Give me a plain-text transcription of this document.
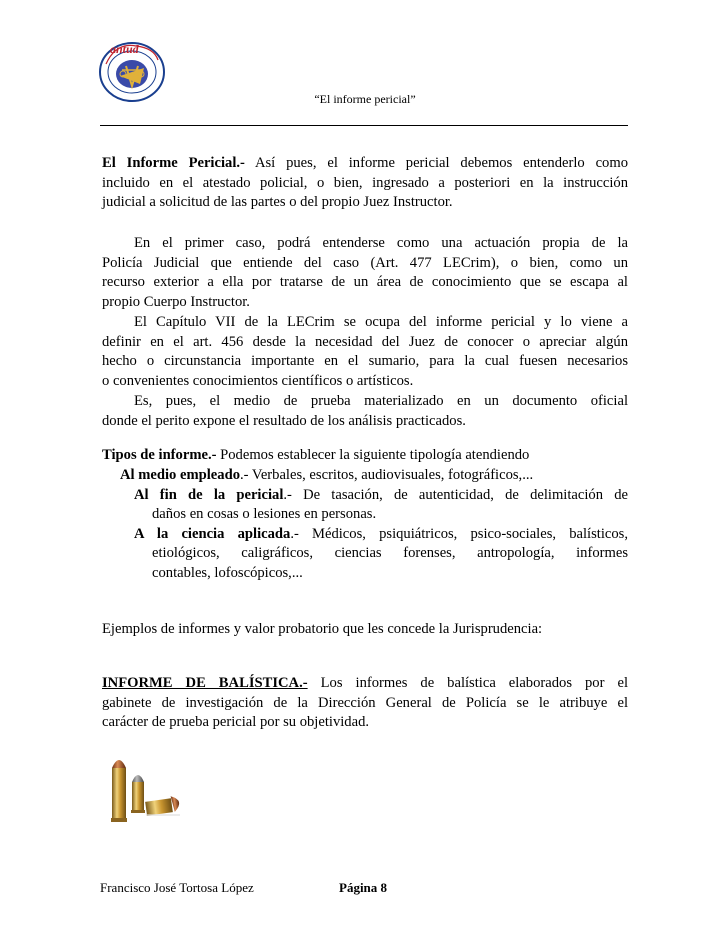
antud
“El informe pericial”
El Informe Pericial.- Así pues, el informe pericial debemos entenderlo como
incluido en el atestado policial, o bien, ingresado a posteriori en la instrucción
judicial a solicitud de las partes o del propio Juez Instructor.
En el primer caso, podrá entenderse como una actuación propia de la
Policía Judicial que entiende del caso (Art. 477 LECrim), o bien, como un
recurso exterior a ella por tratarse de un área de conocimiento que se escapa al
propio Cuerpo Instructor.
El Capítulo VII de la LECrim se ocupa del informe pericial y lo viene a
definir en el art. 456 desde la necesidad del Juez de conocer o apreciar algún
hecho o circunstancia importante en el sumario, para la cual fuesen necesarios
o convenientes conocimientos científicos o artísticos.
Es, pues, el medio de prueba materializado en un documento oficial
donde el perito expone el resultado de los análisis practicados.
Tipos de informe.- Podemos establecer la siguiente tipología atendiendo
Al medio empleado.- Verbales, escritos, audiovisuales, fotográficos,...
Al fin de la pericial.- De tasación, de autenticidad, de delimitación de
daños en cosas o lesiones en personas.
A la ciencia aplicada.- Médicos, psiquiátricos, psico-sociales, balísticos,
etiológicos, caligráficos, ciencias forenses, antropología, informes
contables, lofoscópicos,...
Ejemplos de informes y valor probatorio que les concede la Jurisprudencia:
INFORME DE BALÍSTICA.- Los informes de balística elaborados por el
gabinete de investigación de la Dirección General de Policía se le atribuye el
carácter de prueba pericial por su objetividad.
Francisco José Tortosa López	Página 8
